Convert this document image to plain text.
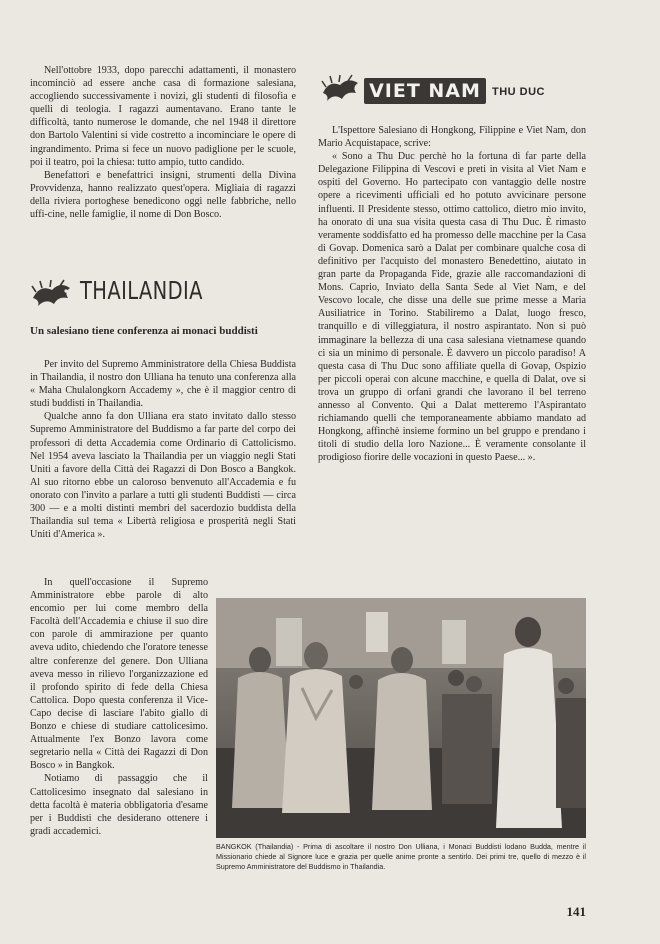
Nell'ottobre 1933, dopo parecchi adattamenti, il monastero incominciò ad essere anche casa di formazione salesiana, accogliendo successivamente i novizi, gli studenti di filosofia e quelli di teologia. I ragazzi aumentavano. Erano tante le difficoltà, tanto numerose le domande, che nel 1948 il direttore don Bartolo Valentini si vide costretto a incominciare le opere di ingrandimento. Prima si fece un nuovo padiglione per le scuole, poi il teatro, poi la chiesa: tutto ampio, tutto candido.

Benefattori e benefattrici insigni, strumenti della Divina Provvidenza, hanno realizzato quest'opera. Migliaia di ragazzi della riviera portoghese benedicono oggi nelle fabbriche, nello uffi-cine, nelle famiglie, il nome di Don Bosco.

THAILANDIA
Un salesiano tiene conferenza ai monaci buddisti

Per invito del Supremo Amministratore della Chiesa Buddista in Thailandia, il nostro don Ulliana ha tenuto una conferenza alla « Maha Chulalongkorn Accademy », che è il maggior centro di studi buddisti in Thailandia.

Qualche anno fa don Ulliana era stato invitato dallo stesso Supremo Amministratore del Buddismo a far parte del corpo dei professori di detta Accademia come Ordinario di Cattolicismo. Nel 1954 aveva lasciato la Thailandia per un viaggio negli Stati Uniti a favore della Città dei Ragazzi di Don Bosco a Bangkok. Al suo ritorno ebbe un caloroso benvenuto all'Accademia e fu onorato con l'invito a parlare a tutti gli studenti Buddisti — circa 300 — e a molti distinti membri del sacerdozio buddista della Thailandia sul tema « Libertà religiosa e prosperità negli Stati Uniti d'America ».

In quell'occasione il Supremo Amministratore ebbe parole di alto encomio per lui come membro della Facoltà dell'Accademia e chiuse il suo dire con parole di ammirazione per quanto aveva udito, chiedendo che l'oratore tenesse altre conferenze del genere. Don Ulliana aveva messo in rilievo l'organizzazione ed il profondo spirito di fede della Chiesa Cattolica. Dopo questa conferenza il Vice-Capo decise di lasciare l'abito giallo di Bonzo e chiese di studiare cattolicesimo. Attualmente l'ex Bonzo lavora come segretario nella « Città dei Ragazzi di Don Bosco » in Bangkok.

Notiamo di passaggio che il Cattolicesimo insegnato dal salesiano in detta facoltà è materia obbligatoria d'esame per i Buddisti che desiderano ottenere i gradi accademici.

VIET NAM	THU DUC

L'Ispettore Salesiano di Hongkong, Filippine e Viet Nam, don Mario Acquistapace, scrive:

« Sono a Thu Duc perchè ho la fortuna di far parte della Delegazione Filippina di Vescovi e preti in visita al Viet Nam e ospiti del Governo. Ho partecipato con vantaggio delle nostre opere a ricevimenti ufficiali ed ho potuto avvicinare persone influenti. Il Presidente stesso, ottimo cattolico, dietro mio invito, ha onorato di una sua visita questa casa di Thu Duc. È rimasto veramente soddisfatto ed ha promesso delle macchine per la Casa di Govap. Domenica sarò a Dalat per combinare qualche cosa di definitivo per l'acquisto del monastero Benedettino, aiutato in gran parte da Propaganda Fide, grazie alle raccomandazioni di Mons. Caprio, Inviato della Santa Sede al Viet Nam, e del Vescovo locale, che disse una delle sue prime messe a Maria Ausiliatrice in Torino. Stabiliremo a Dalat, luogo fresco, tranquillo e di villeggiatura, il nostro aspirantato. Non si può immaginare la bellezza di una casa salesiana vietnamese quando ci sia un minimo di personale. È davvero un piccolo paradiso! A questa casa di Thu Duc sono affiliate quella di Govap, Ospizio per piccoli operai con alcune macchine, e quella di Dalat, ove si trova un gruppo di orfani grandi che lavorano il bel terreno annesso al Convento. Qui a Dalat metteremo l'Aspirantato richiamando quelli che temporaneamente abbiamo mandato ad Hongkong, affinchè insieme formino un bel gruppo e prendano i titoli di studio della loro Nazione... È veramente consolante il prodigioso fiorire delle vocazioni in questo Paese... ».

BANGKOK (Thailandia) - Prima di ascoltare il nostro Don Ulliana, i Monaci Buddisti lodano Budda, mentre il Missionario chiede al Signore luce e grazia per quelle anime pronte a sentirlo. Dei primi tre, quello di mezzo è il Supremo Amministratore del Buddismo in Thailandia.
141
